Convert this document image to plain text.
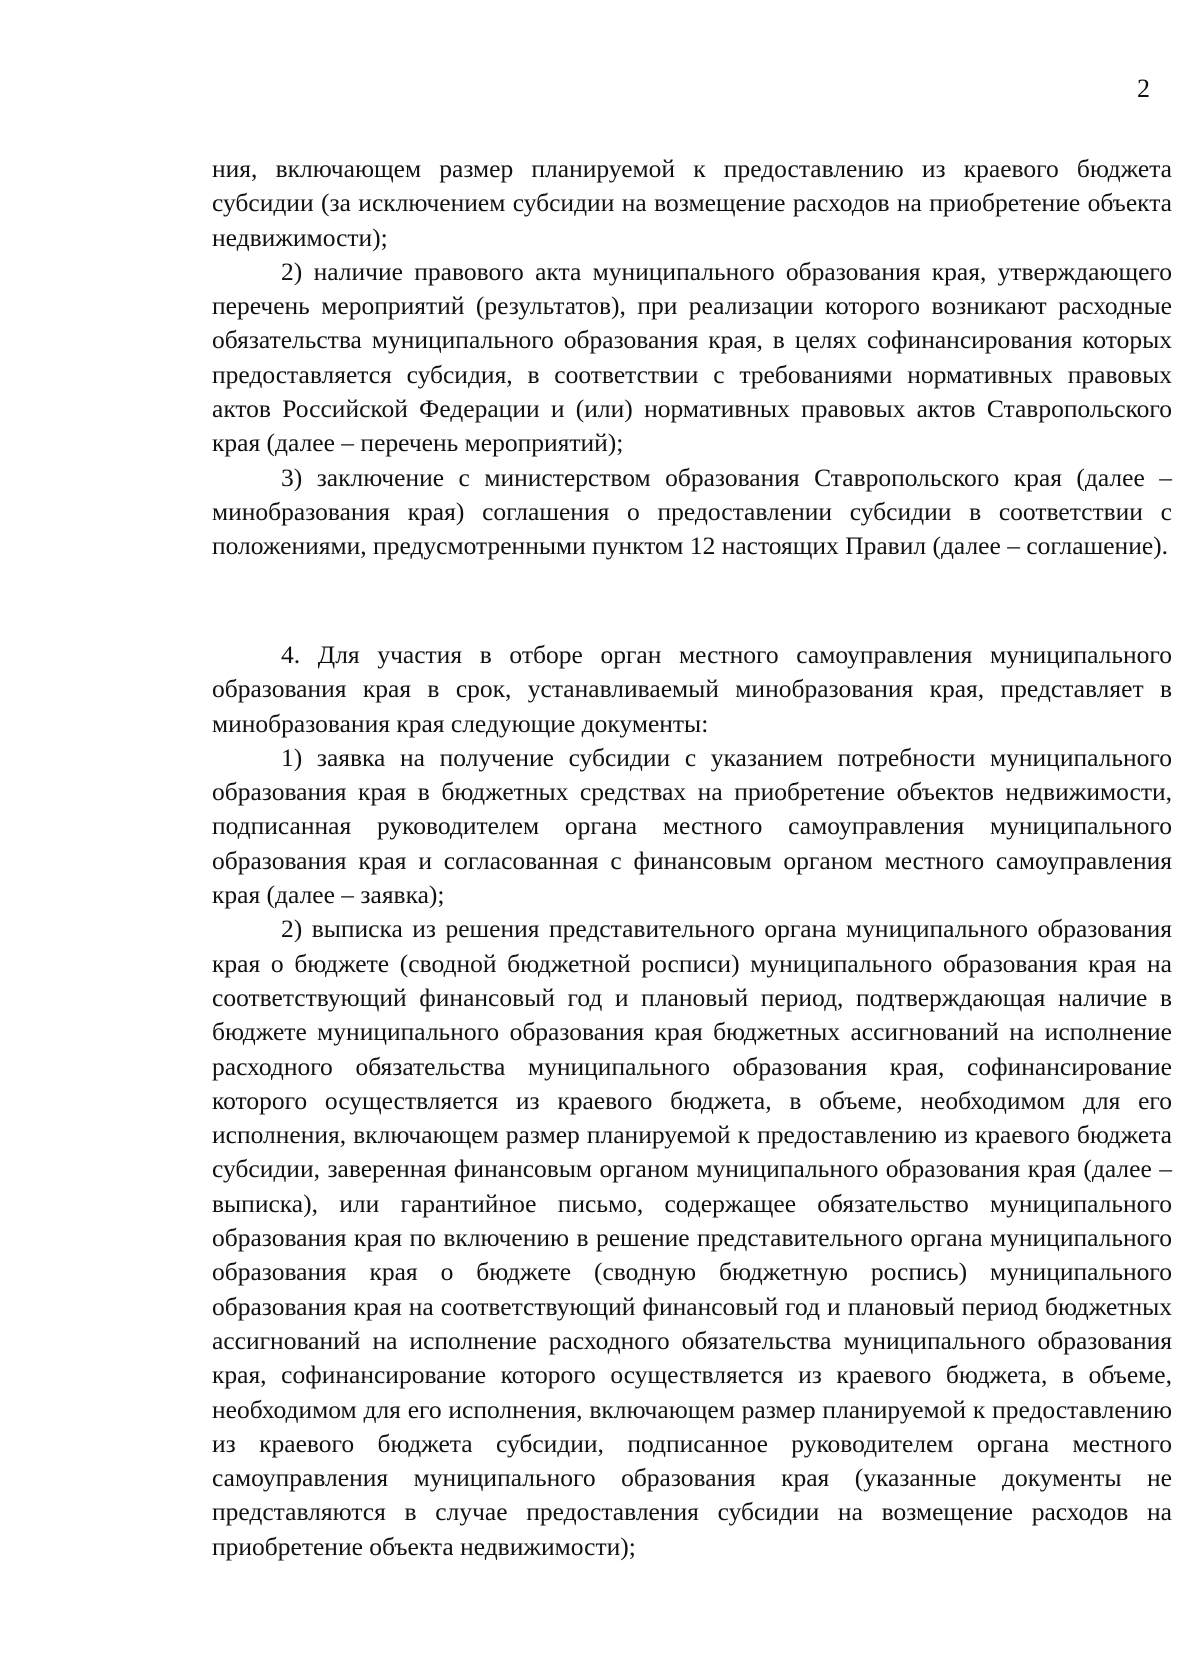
2

ния, включающем размер планируемой к предоставлению из краевого бюджета субсидии (за исключением субсидии на возмещение расходов на приобретение объекта недвижимости);

2) наличие правового акта муниципального образования края, утверждающего перечень мероприятий (результатов), при реализации которого возникают расходные обязательства муниципального образования края, в целях софинансирования которых предоставляется субсидия, в соответствии с требованиями нормативных правовых актов Российской Федерации и (или) нормативных правовых актов Ставропольского края (далее – перечень мероприятий);

3) заключение с министерством образования Ставропольского края (далее – минобразования края) соглашения о предоставлении субсидии в соответствии с положениями, предусмотренными пунктом 12 настоящих Правил (далее – соглашение).

4. Для участия в отборе орган местного самоуправления муниципального образования края в срок, устанавливаемый минобразования края, представляет в минобразования края следующие документы:

1) заявка на получение субсидии с указанием потребности муниципального образования края в бюджетных средствах на приобретение объектов недвижимости, подписанная руководителем органа местного самоуправления муниципального образования края и согласованная с финансовым органом местного самоуправления края (далее – заявка);

2) выписка из решения представительного органа муниципального образования края о бюджете (сводной бюджетной росписи) муниципального образования края на соответствующий финансовый год и плановый период, подтверждающая наличие в бюджете муниципального образования края бюджетных ассигнований на исполнение расходного обязательства муниципального образования края, софинансирование которого осуществляется из краевого бюджета, в объеме, необходимом для его исполнения, включающем размер планируемой к предоставлению из краевого бюджета субсидии, заверенная финансовым органом муниципального образования края (далее – выписка), или гарантийное письмо, содержащее обязательство муниципального образования края по включению в решение представительного органа муниципального образования края о бюджете (сводную бюджетную роспись) муниципального образования края на соответствующий финансовый год и плановый период бюджетных ассигнований на исполнение расходного обязательства муниципального образования края, софинансирование которого осуществляется из краевого бюджета, в объеме, необходимом для его исполнения, включающем размер планируемой к предоставлению из краевого бюджета субсидии, подписанное руководителем органа местного самоуправления муниципального образования края (указанные документы не представляются в случае предоставления субсидии на возмещение расходов на приобретение объекта недвижимости);
